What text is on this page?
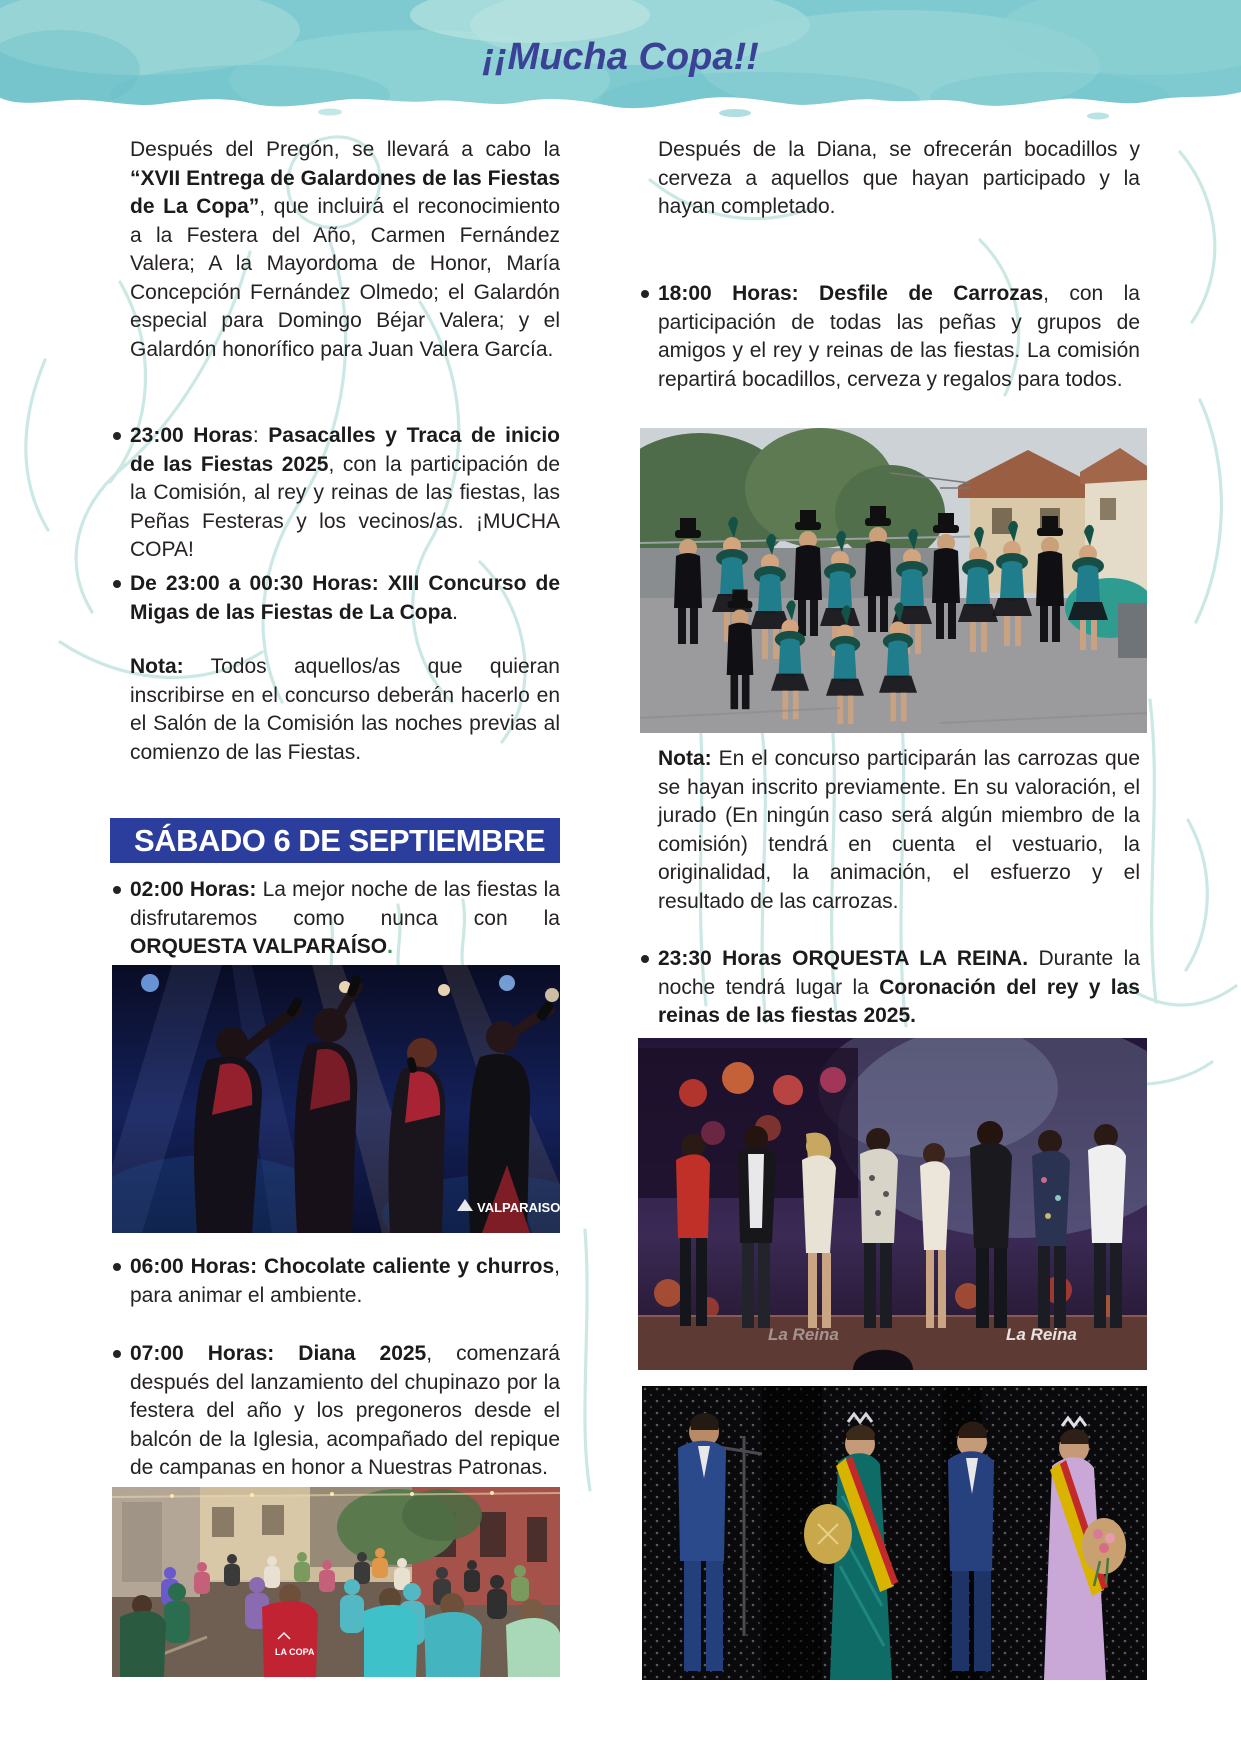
¡¡Mucha Copa!!

Después del Pregón, se llevará a cabo la “XVII Entrega de Galardones de las Fiestas de La Copa”, que incluirá el reconocimiento a la Festera del Año, Carmen Fernández Valera; A la Mayordoma de Honor, María Concepción Fernández Olmedo; el Galardón especial para Domingo Béjar Valera; y el Galardón honorífico para Juan Valera García.

23:00 Horas: Pasacalles y Traca de inicio de las Fiestas 2025, con la participación de la Comisión, al rey y reinas de las fiestas, las Peñas Festeras y los vecinos/as. ¡MUCHA COPA!

De 23:00 a 00:30 Horas: XIII Concurso de Migas de las Fiestas de La Copa.

Nota: Todos aquellos/as que quieran inscribirse en el concurso deberán hacerlo en el Salón de la Comisión las noches previas al comienzo de las Fiestas.

SÁBADO 6 DE SEPTIEMBRE

02:00 Horas: La mejor noche de las fiestas la disfrutaremos como nunca con la ORQUESTA VALPARAÍSO.

VALPARAISO

06:00 Horas: Chocolate caliente y churros, para animar el ambiente.

07:00 Horas: Diana 2025, comenzará después del lanzamiento del chupinazo por la festera del año y los pregoneros desde el balcón de la Iglesia, acompañado del repique de campanas en honor a Nuestras Patronas.

LA COPA

Después de la Diana, se ofrecerán bocadillos y cerveza a aquellos que hayan participado y la hayan completado.

18:00 Horas: Desfile de Carrozas, con la participación de todas las peñas y grupos de amigos y el rey y reinas de las fiestas. La comisión repartirá bocadillos, cerveza y regalos para todos.

Nota: En el concurso participarán las carrozas que se hayan inscrito previamente. En su valoración, el jurado (En ningún caso será algún miembro de la comisión) tendrá en cuenta el vestuario, la originalidad, la animación, el esfuerzo y el resultado de las carrozas.

23:30 Horas ORQUESTA LA REINA. Durante la noche tendrá lugar la Coronación del rey y las reinas de las fiestas 2025.

La Reina
La Reina
